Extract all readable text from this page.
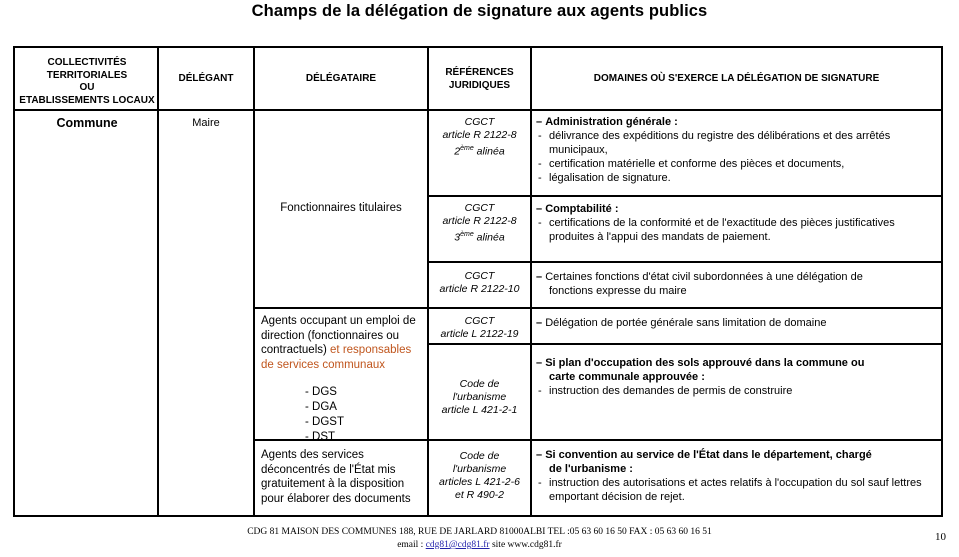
Champs de la délégation de signature aux agents publics
COLLECTIVITÉS
TERRITORIALES
OU
ETABLISSEMENTS LOCAUX
DÉLÉGANT	DÉLÉGATAIRE
RÉFÉRENCES
JURIDIQUES
DOMAINES OÙ S'EXERCE LA DÉLÉGATION DE SIGNATURE
Commune	Maire
Fonctionnaires titulaires
Agents occupant un emploi de
direction (fonctionnaires ou
contractuels) et responsables
de services communaux
- DGS
- DGA
- DGST
- DST
Agents des services
déconcentrés de l'État mis
gratuitement à la disposition
pour élaborer des documents
CGCT
article R 2122-8
2ème alinéa
CGCT
article R 2122-8
3ème alinéa
CGCT
article R 2122-10
CGCT
article L 2122-19
Code de
l'urbanisme
article L 421-2-1
Code de
l'urbanisme
articles L 421-2-6
et R 490-2
– Administration générale :
- délivrance des expéditions du registre des délibérations et des arrêtés municipaux,
- certification matérielle et conforme des pièces et documents,
- légalisation de signature.
– Comptabilité :
- certifications de la conformité et de l'exactitude des pièces justificatives produites à l'appui des mandats de paiement.
– Certaines fonctions d'état civil subordonnées à une délégation de
fonctions expresse du maire
– Délégation de portée générale sans limitation de domaine
– Si plan d'occupation des sols approuvé dans la commune ou
carte communale approuvée :
- instruction des demandes de permis de construire
– Si convention au service de l'État dans le département, chargé
de l'urbanisme :
- instruction des autorisations et actes relatifs à l'occupation du sol sauf lettres emportant décision de rejet.
CDG 81 MAISON DES COMMUNES 188, RUE DE JARLARD 81000ALBI TEL :05 63 60 16 50 FAX : 05 63 60 16 51
email : cdg81@cdg81.fr site www.cdg81.fr
10
